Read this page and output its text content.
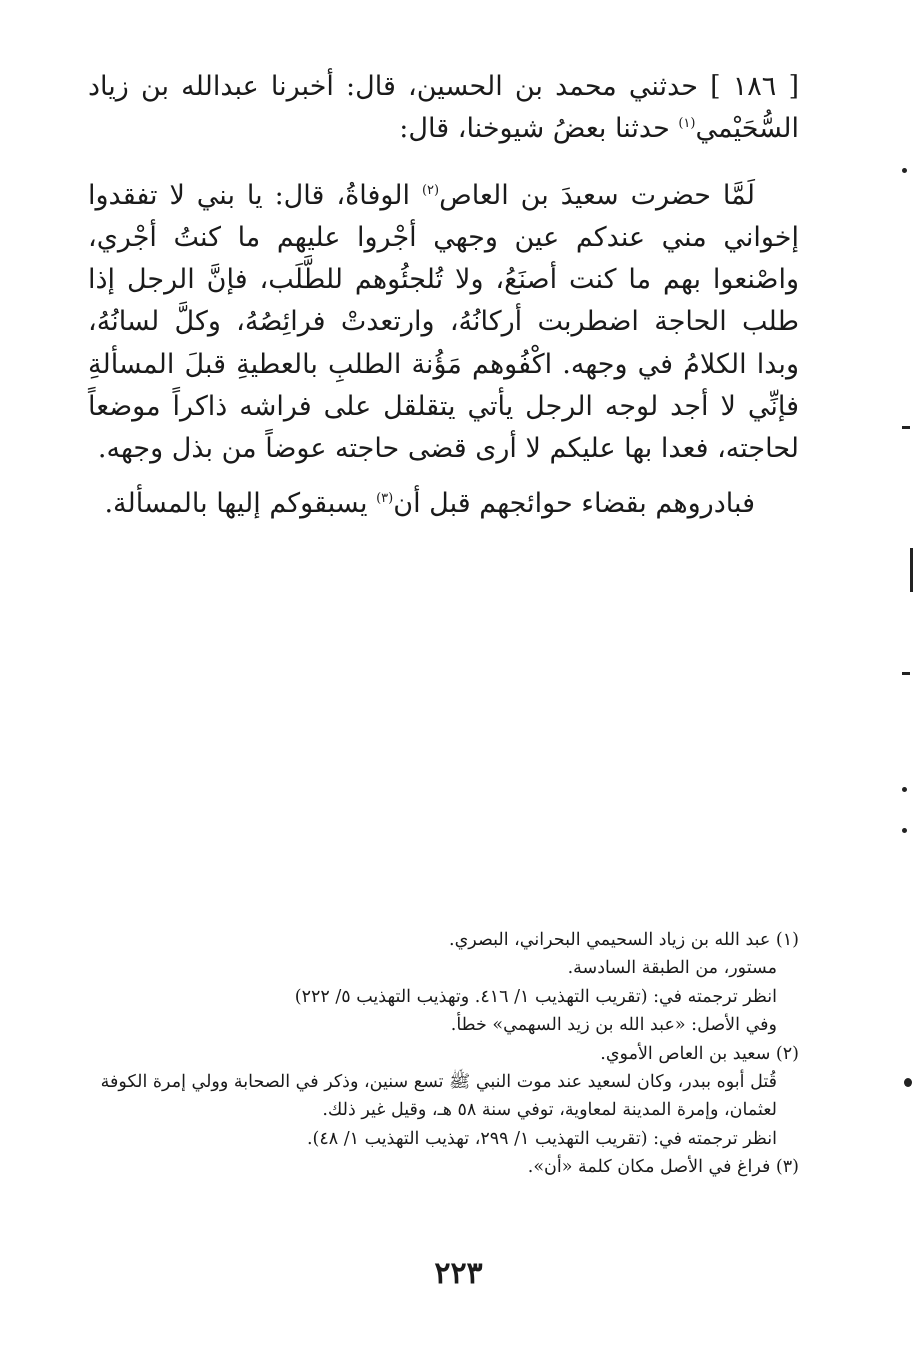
[ ١٨٦ ] حدثني محمد بن الحسين، قال: أخبرنا عبدالله بن زياد السُّحَيْمي$^{(١)}$ حدثنا بعضُ شيوخنا، قال:

لَمَّا حضرت سعيدَ بن العاص$^{(٢)}$ الوفاةُ، قال: يا بني لا تفقدوا إخواني مني عندكم عين وجهي أجْروا عليهم ما كنتُ أجْري، واصْنعوا بهم ما كنت أصنَعُ، ولا تُلجئُوهم للطَّلَب، فإنَّ الرجل إذا طلب الحاجة اضطربت أركانُهُ، وارتعدتْ فرائِصُهُ، وكلَّ لسانُهُ، وبدا الكلامُ في وجهه. اكْفُوهم مَؤُنة الطلبِ بالعطيةِ قبلَ المسألةِ فإنِّي لا أجد لوجه الرجل يأتي يتقلقل على فراشه ذاكراً موضعاً لحاجته، فعدا بها عليكم لا أرى قضى حاجته عوضاً من بذل وجهه.

فبادروهم بقضاء حوائجهم قبل أن$^{(٣)}$ يسبقوكم إليها بالمسألة.

(١) عبد الله بن زياد السحيمي البحراني، البصري.

مستور، من الطبقة السادسة.

انظر ترجمته في: (تقريب التهذيب ١/ ٤١٦. وتهذيب التهذيب ٥/ ٢٢٢)

وفي الأصل: «عبد الله بن زيد السهمي» خطأ.

(٢) سعيد بن العاص الأموي.

قُتل أبوه ببدر، وكان لسعيد عند موت النبي ﷺ تسع سنين، وذكر في الصحابة وولي إمرة الكوفة لعثمان، وإمرة المدينة لمعاوية، توفي سنة ٥٨ هـ، وقيل غير ذلك.

انظر ترجمته في: (تقريب التهذيب ١/ ٢٩٩، تهذيب التهذيب ١/ ٤٨).

(٣) فراغ في الأصل مكان كلمة «أن».

٢٢٣
